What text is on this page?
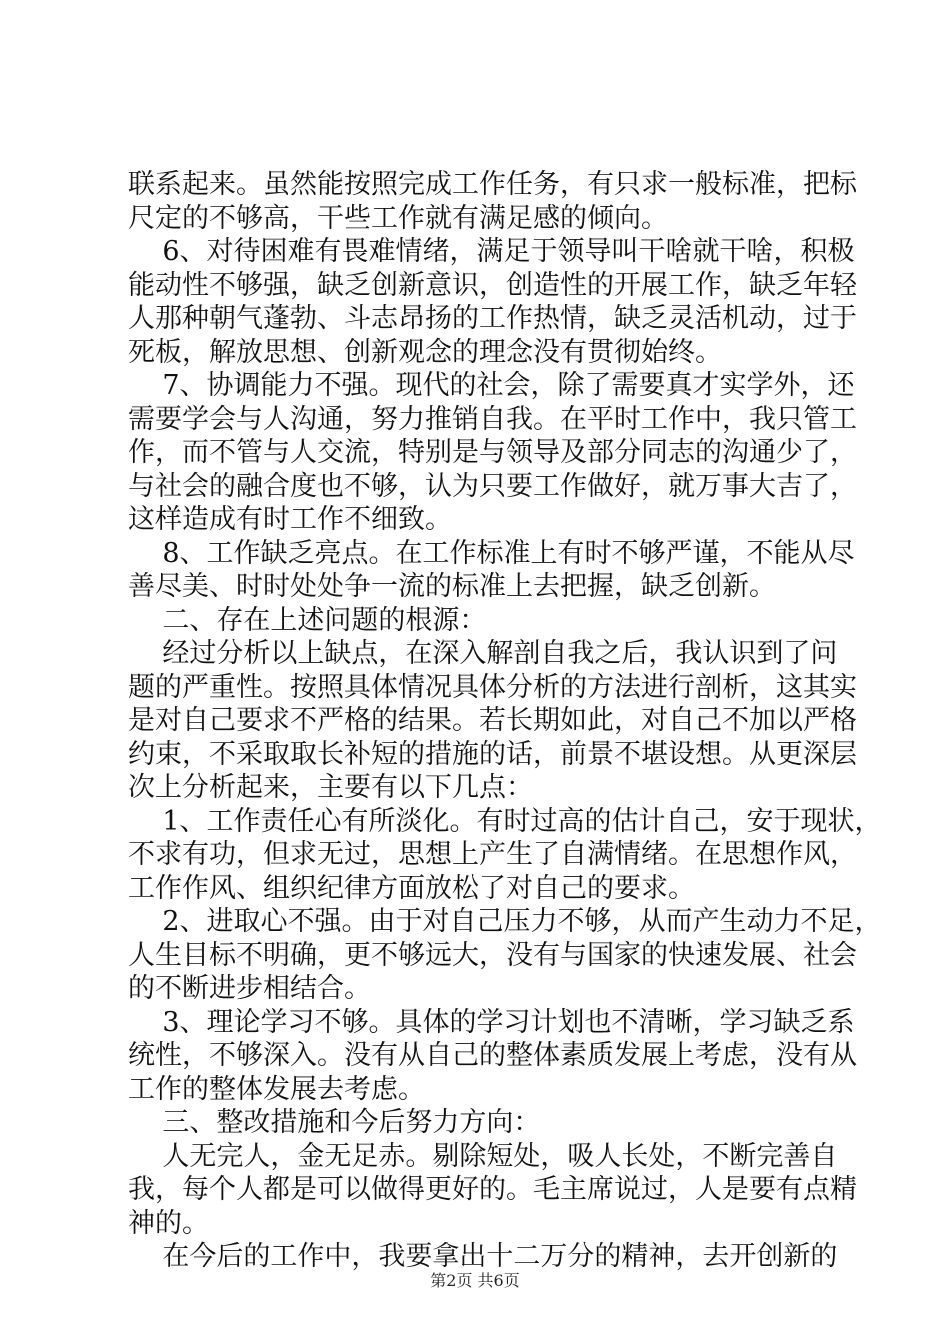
联系起来。虽然能按照完成工作任务，有只求一般标准，把标
尺定的不够高，干些工作就有满足感的倾向。
6、对待困难有畏难情绪，满足于领导叫干啥就干啥，积极
能动性不够强，缺乏创新意识，创造性的开展工作，缺乏年轻
人那种朝气蓬勃、斗志昂扬的工作热情，缺乏灵活机动，过于
死板，解放思想、创新观念的理念没有贯彻始终。
7、协调能力不强。现代的社会，除了需要真才实学外，还
需要学会与人沟通，努力推销自我。在平时工作中，我只管工
作，而不管与人交流，特别是与领导及部分同志的沟通少了，
与社会的融合度也不够，认为只要工作做好，就万事大吉了，
这样造成有时工作不细致。
8、工作缺乏亮点。在工作标准上有时不够严谨，不能从尽
善尽美、时时处处争一流的标准上去把握，缺乏创新。
二、存在上述问题的根源：
经过分析以上缺点，在深入解剖自我之后，我认识到了问
题的严重性。按照具体情况具体分析的方法进行剖析，这其实
是对自己要求不严格的结果。若长期如此，对自己不加以严格
约束，不采取取长补短的措施的话，前景不堪设想。从更深层
次上分析起来，主要有以下几点：
1、工作责任心有所淡化。有时过高的估计自己，安于现状，
不求有功，但求无过，思想上产生了自满情绪。在思想作风，
工作作风、组织纪律方面放松了对自己的要求。
2、进取心不强。由于对自己压力不够，从而产生动力不足，
人生目标不明确，更不够远大，没有与国家的快速发展、社会
的不断进步相结合。
3、理论学习不够。具体的学习计划也不清晰，学习缺乏系
统性，不够深入。没有从自己的整体素质发展上考虑，没有从
工作的整体发展去考虑。
三、整改措施和今后努力方向：
人无完人，金无足赤。剔除短处，吸人长处，不断完善自
我，每个人都是可以做得更好的。毛主席说过，人是要有点精
神的。
在今后的工作中，我要拿出十二万分的精神，去开创新的
第2页 共6页
